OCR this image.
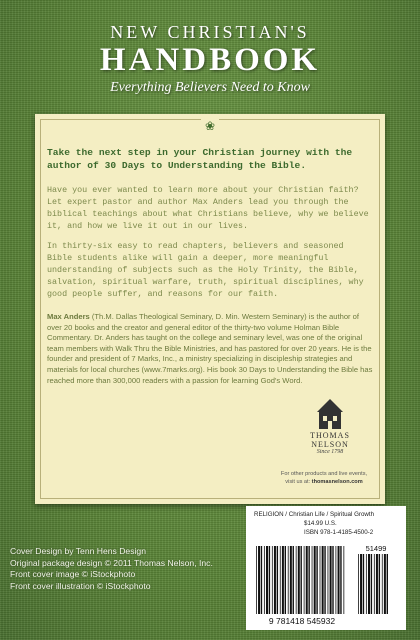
NEW CHRISTIAN'S
HANDBOOK
Everything Believers Need to Know
❀
Take the next step in your Christian journey with the author of 30 Days to Understanding the Bible.
Have you ever wanted to learn more about your Christian faith? Let expert pastor and author Max Anders lead you through the biblical teachings about what Christians believe, why we believe it, and how we live it out in our lives.
In thirty-six easy to read chapters, believers and seasoned Bible students alike will gain a deeper, more meaningful understanding of subjects such as the Holy Trinity, the Bible, salvation, spiritual warfare, truth, spiritual disciplines, why good people suffer, and reasons for our faith.
Max Anders (Th.M. Dallas Theological Seminary, D. Min. Western Seminary) is the author of over 20 books and the creator and general editor of the thirty-two volume Holman Bible Commentary. Dr. Anders has taught on the college and seminary level, was one of the original team members with Walk Thru the Bible Ministries, and has pastored for over 20 years. He is the founder and president of 7 Marks, Inc., a ministry specializing in discipleship strategies and materials for local churches (www.7marks.org). His book 30 Days to Understanding the Bible has reached more than 300,000 readers with a passion for learning God's Word.
THOMAS NELSON
Since 1798
For other products and live events,
visit us at: thomasnelson.com
RELIGION / Christian Life / Spiritual Growth
$14.99 U.S.
ISBN 978-1-4185-4500-2
51499
9 781418 545932
Cover Design by Tenn Hens Design
Original package design © 2011 Thomas Nelson, Inc.
Front cover image © iStockphoto
Front cover illustration © iStockphoto
